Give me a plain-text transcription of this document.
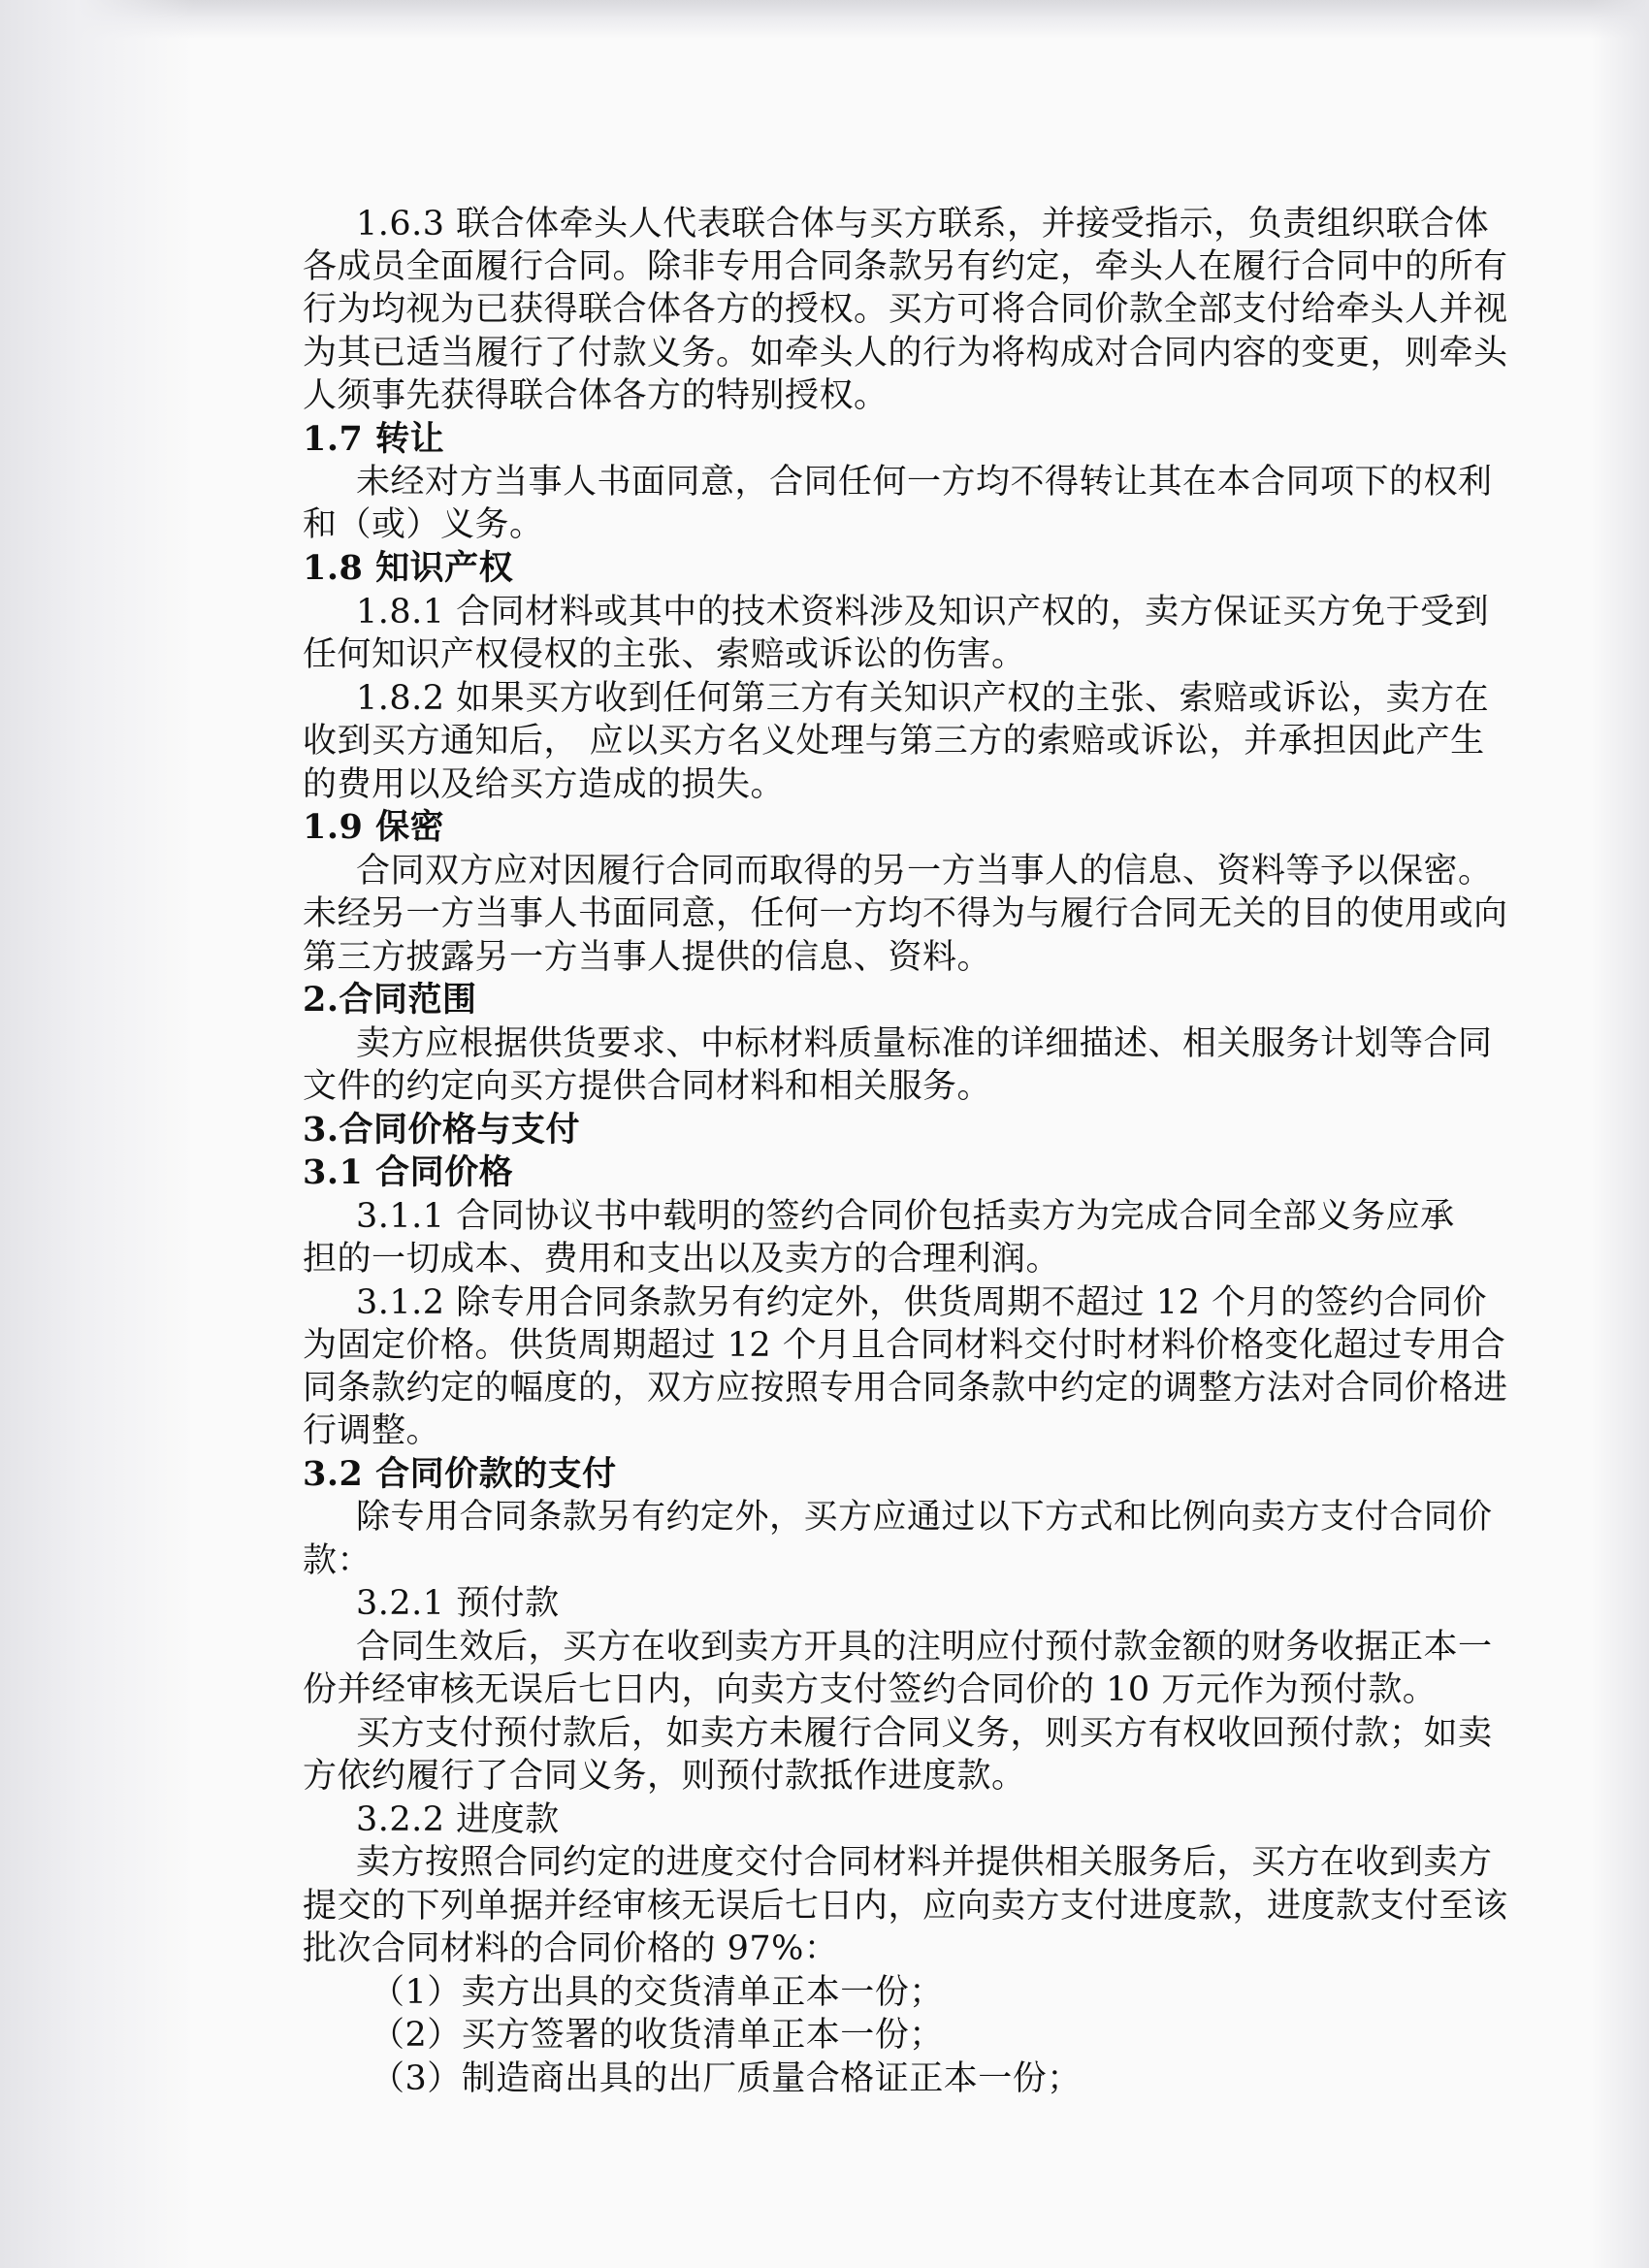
1.6.3 联合体牵头人代表联合体与买方联系，并接受指示，负责组织联合体
各成员全面履行合同。除非专用合同条款另有约定，牵头人在履行合同中的所有
行为均视为已获得联合体各方的授权。买方可将合同价款全部支付给牵头人并视
为其已适当履行了付款义务。如牵头人的行为将构成对合同内容的变更，则牵头
人须事先获得联合体各方的特别授权。
1.7 转让
未经对方当事人书面同意，合同任何一方均不得转让其在本合同项下的权利
和（或）义务。
1.8 知识产权
1.8.1 合同材料或其中的技术资料涉及知识产权的，卖方保证买方免于受到
任何知识产权侵权的主张、索赔或诉讼的伤害。
1.8.2 如果买方收到任何第三方有关知识产权的主张、索赔或诉讼，卖方在
收到买方通知后， 应以买方名义处理与第三方的索赔或诉讼，并承担因此产生
的费用以及给买方造成的损失。
1.9 保密
合同双方应对因履行合同而取得的另一方当事人的信息、资料等予以保密。
未经另一方当事人书面同意，任何一方均不得为与履行合同无关的目的使用或向
第三方披露另一方当事人提供的信息、资料。
2.合同范围
卖方应根据供货要求、中标材料质量标准的详细描述、相关服务计划等合同
文件的约定向买方提供合同材料和相关服务。
3.合同价格与支付
3.1 合同价格
3.1.1 合同协议书中载明的签约合同价包括卖方为完成合同全部义务应承
担的一切成本、费用和支出以及卖方的合理利润。
3.1.2 除专用合同条款另有约定外，供货周期不超过 12 个月的签约合同价
为固定价格。供货周期超过 12 个月且合同材料交付时材料价格变化超过专用合
同条款约定的幅度的，双方应按照专用合同条款中约定的调整方法对合同价格进
行调整。
3.2 合同价款的支付
除专用合同条款另有约定外，买方应通过以下方式和比例向卖方支付合同价
款：
3.2.1 预付款
合同生效后，买方在收到卖方开具的注明应付预付款金额的财务收据正本一
份并经审核无误后七日内，向卖方支付签约合同价的 10 万元作为预付款。
买方支付预付款后，如卖方未履行合同义务，则买方有权收回预付款；如卖
方依约履行了合同义务，则预付款抵作进度款。
3.2.2 进度款
卖方按照合同约定的进度交付合同材料并提供相关服务后，买方在收到卖方
提交的下列单据并经审核无误后七日内，应向卖方支付进度款，进度款支付至该
批次合同材料的合同价格的 97%：
（1）卖方出具的交货清单正本一份；
（2）买方签署的收货清单正本一份；
（3）制造商出具的出厂质量合格证正本一份；
